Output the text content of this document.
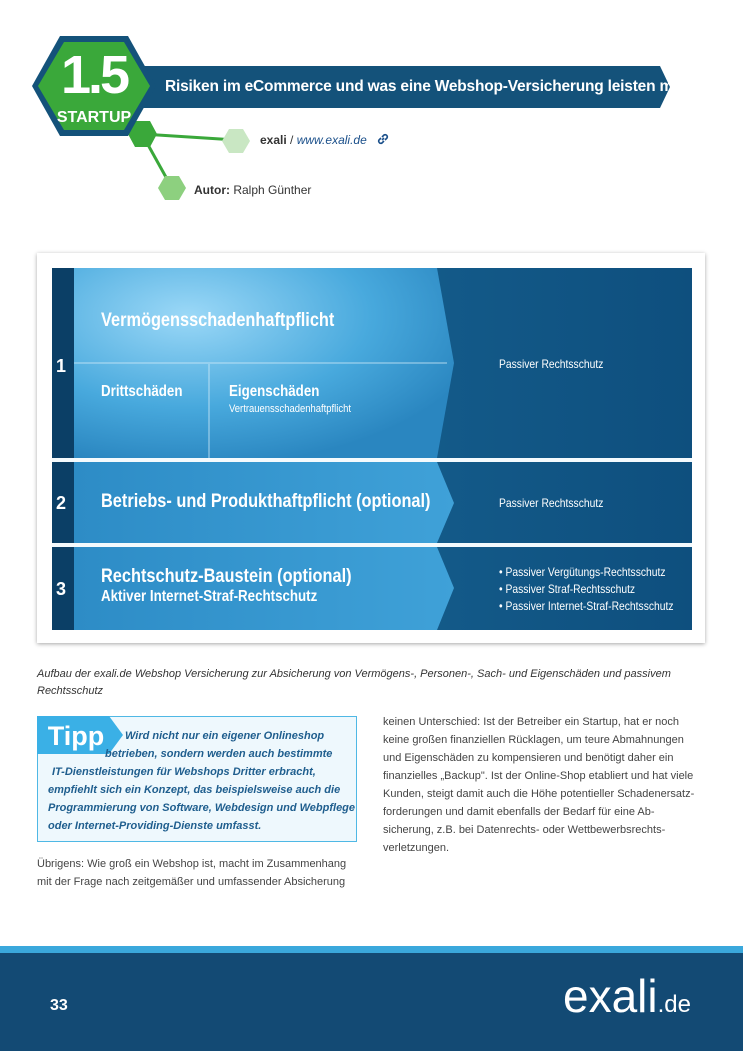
1.5
STARTUP
Risiken im eCommerce und was eine Webshop-Versicherung leisten muss
exali / www.exali.de
Autor: Ralph Günther
1
Vermögensschadenhaftpflicht
Drittschäden	Eigenschäden
Vertrauensschadenhaftpflicht
Passiver Rechtsschutz
2 Betriebs- und Produkthaftpflicht (optional)	Passiver Rechtsschutz
3
Rechtschutz-Baustein (optional)
Aktiver Internet-Straf-Rechtschutz
• Passiver Vergütungs-Rechtsschutz
• Passiver Straf-Rechtsschutz
• Passiver Internet-Straf-Rechtsschutz
Aufbau der exali.de Webshop Versicherung zur Absicherung von Vermögens-, Personen-, Sach- und Eigenschäden und passivem
Rechtsschutz
Tipp	Wird nicht nur ein eigener Onlineshop
betrieben, sondern werden auch bestimmte
IT-Dienstleistungen für Webshops Dritter erbracht,
empfiehlt sich ein Konzept, das beispielsweise auch die
Programmierung von Software, Webdesign und Webpflege
oder Internet-Providing-Dienste umfasst.

Übrigens: Wie groß ein Webshop ist, macht im Zusammenhang

mit der Frage nach zeitgemäßer und umfassender Absicherung

keinen Unterschied: Ist der Betreiber ein Startup, hat er noch

keine großen finanziellen Rücklagen, um teure Abmahnungen

und Eigenschäden zu kompensieren und benötigt daher ein

finanzielles „Backup". Ist der Online-Shop etabliert und hat viele

Kunden, steigt damit auch die Höhe potentieller Schadenersatz-

forderungen und damit ebenfalls der Bedarf für eine Ab-

sicherung, z.B. bei Datenrechts- oder Wettbewerbsrechts-

verletzungen.

33	exali.de
